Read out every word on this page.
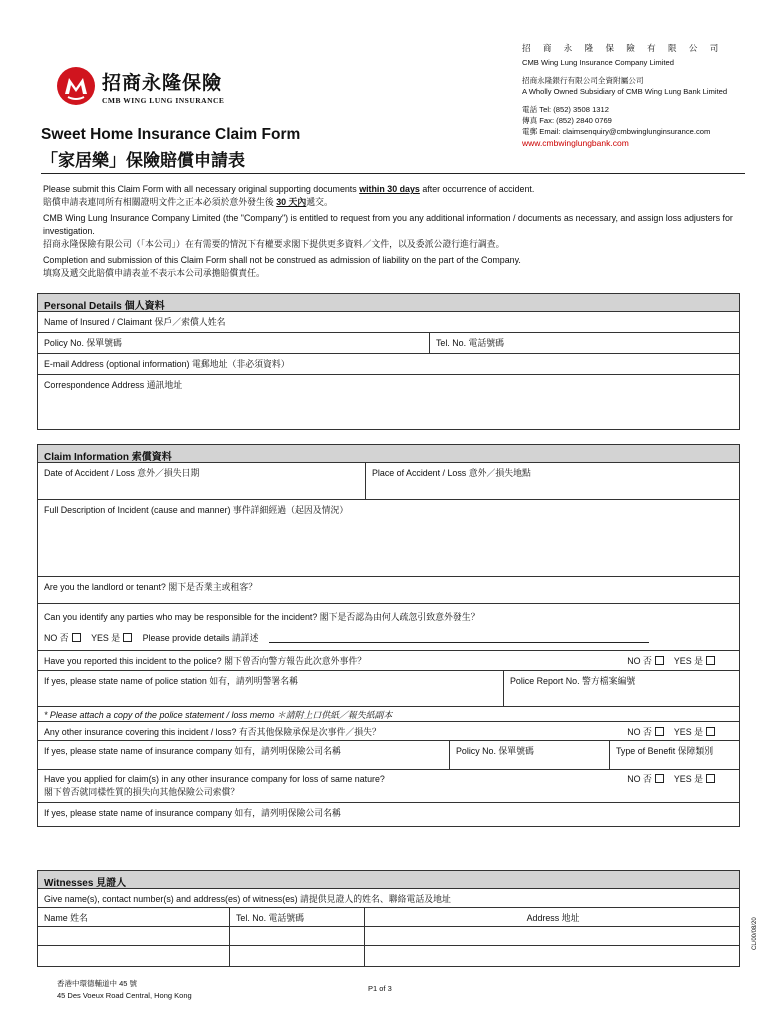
招商永隆保險
CMB WING LUNG INSURANCE
招 商 永 隆 保 險 有 限 公 司
CMB Wing Lung Insurance Company Limited
招商永隆銀行有限公司全資附屬公司
A Wholly Owned Subsidiary of CMB Wing Lung Bank Limited
電話 Tel: (852) 3508 1312
傳真 Fax: (852) 2840 0769
電郵 Email: claimsenquiry@cmbwinglunginsurance.com
www.cmbwinglungbank.com
Sweet Home Insurance Claim Form
「家居樂」保險賠償申請表

Please submit this Claim Form with all necessary original supporting documents within 30 days after occurrence of accident.
賠償申請表連同所有相關證明文件之正本必須於意外發生後 30 天內遞交。

CMB Wing Lung Insurance Company Limited (the "Company") is entitled to request from you any additional information / documents as necessary, and assign loss adjusters for investigation.
招商永隆保險有限公司（「本公司」）在有需要的情況下有權要求閣下提供更多資料／文件，以及委派公證行進行調查。

Completion and submission of this Claim Form shall not be construed as admission of liability on the part of the Company.
填寫及遞交此賠償申請表並不表示本公司承擔賠償責任。

Personal Details 個人資料
Name of Insured / Claimant 保戶／索償人姓名
Policy No. 保單號碼	Tel. No. 電話號碼
E-mail Address (optional information) 電郵地址（非必須資料）
Correspondence Address 通訊地址
Claim Information 索償資料
Date of Accident / Loss 意外／損失日期	Place of Accident / Loss 意外／損失地點
Full Description of Incident (cause and manner) 事件詳細經過（起因及情況）
Are you the landlord or tenant? 閣下是否業主或租客？
Can you identify any parties who may be responsible for the incident? 閣下是否認為由何人疏忽引致意外發生？
NO 否	YES 是	Please provide details 請詳述
Have you reported this incident to the police? 閣下曾否向警方報告此次意外事件？	NO 否 YES 是
If yes, please state name of police station 如有，請列明警署名稱	Police Report No. 警方檔案編號
* Please attach a copy of the police statement / loss memo ＊請附上口供紙／報失紙副本
Any other insurance covering this incident / loss? 有否其他保險承保是次事件／損失？	NO 否 YES 是
If yes, please state name of insurance company 如有，請列明保險公司名稱	Policy No. 保單號碼	Type of Benefit 保障類別
Have you applied for claim(s) in any other insurance company for loss of same nature?
閣下曾否就同樣性質的損失向其他保險公司索償？
NO 否 YES 是
If yes, please state name of insurance company 如有，請列明保險公司名稱
Witnesses 見證人
Give name(s), contact number(s) and address(es) of witness(es) 請提供見證人的姓名、聯絡電話及地址
Name 姓名	Tel. No. 電話號碼	Address 地址
香港中環德輔道中 45 號
45 Des Voeux Road Central, Hong Kong
P1 of 3
CL/00/08/20
